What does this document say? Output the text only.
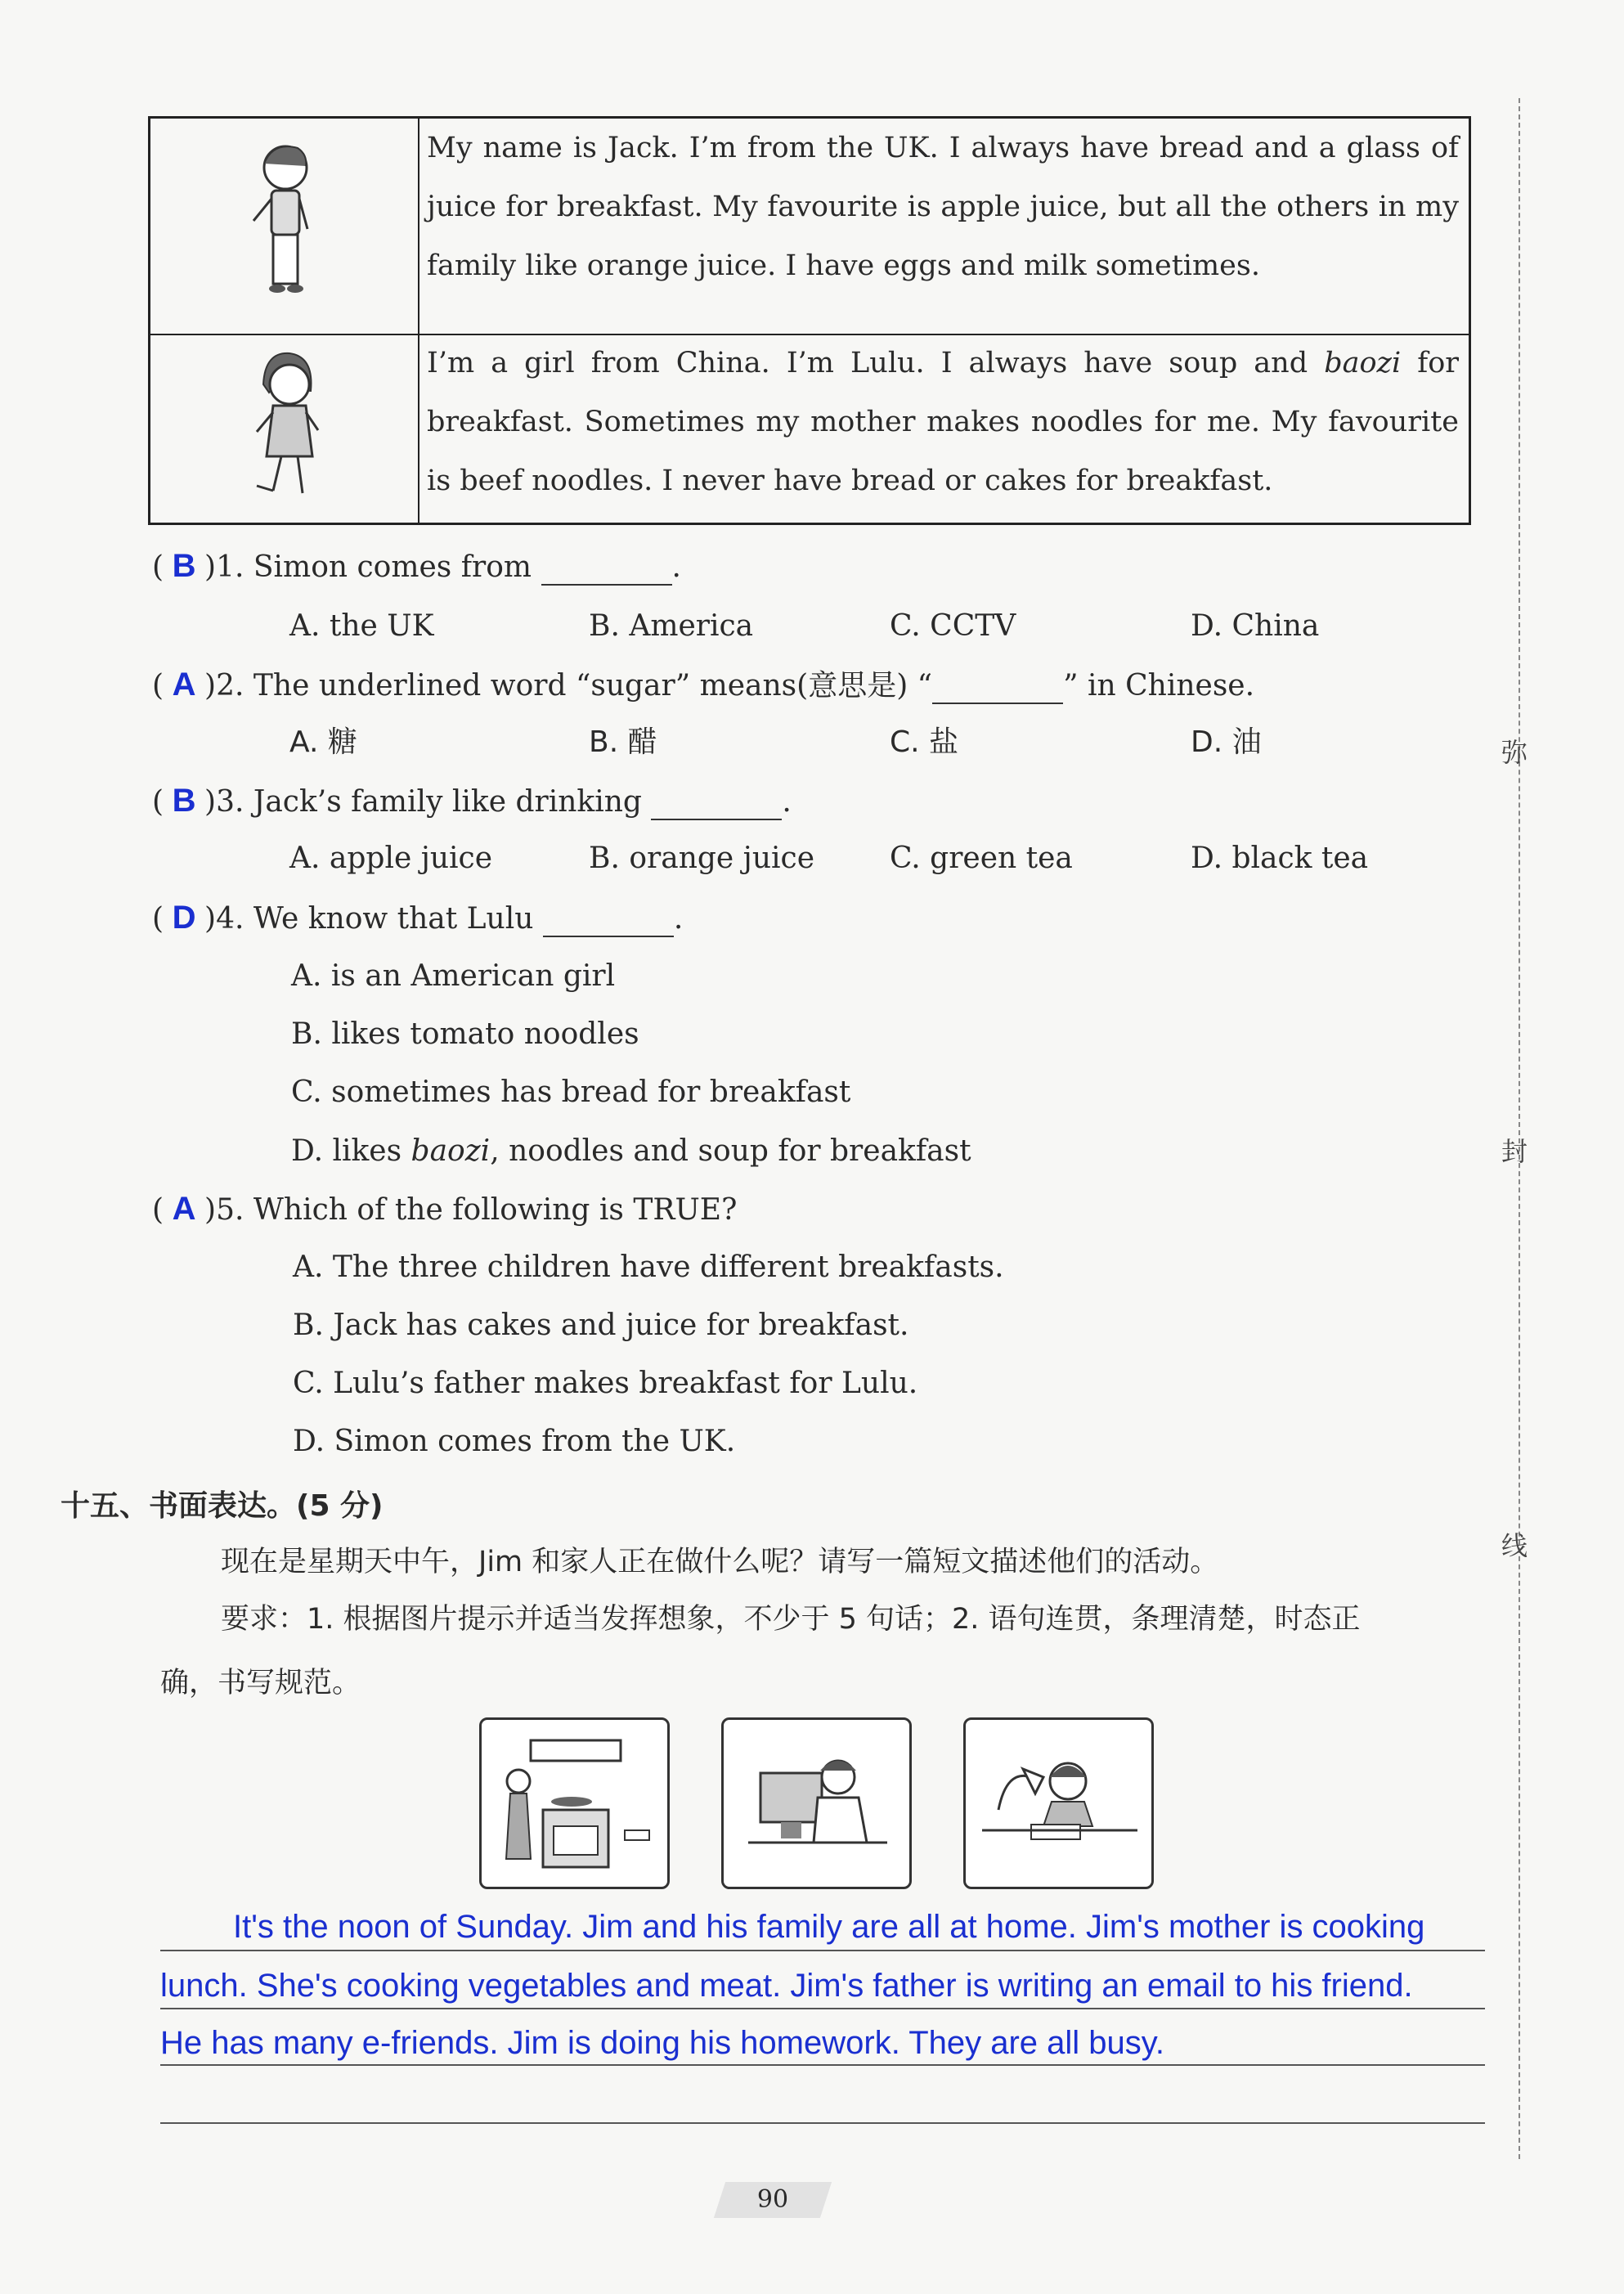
弥
封
线

My name is Jack. I’m from the UK. I always have bread and a glass of juice for breakfast. My favourite is apple juice, but all the others in my family like orange juice. I have eggs and milk sometimes.

I’m a girl from China. I’m Lulu. I always have soup and baozi for breakfast. Sometimes my mother makes noodles for me. My favourite is beef noodles. I never have bread or cakes for breakfast.

( B )1. Simon comes from	.
A. the UK	B. America	C. CCTV	D. China
( A )2. The underlined word “sugar” means(意思是) “	” in Chinese.
A. 糖	B. 醋	C. 盐	D. 油
( B )3. Jack’s family like drinking	.
A. apple juice	B. orange juice	C. green tea	D. black tea
( D )4. We know that Lulu	.
A. is an American girl
B. likes tomato noodles
C. sometimes has bread for breakfast
D. likes baozi, noodles and soup for breakfast
( A )5. Which of the following is TRUE?
A. The three children have different breakfasts.
B. Jack has cakes and juice for breakfast.
C. Lulu’s father makes breakfast for Lulu.
D. Simon comes from the UK.
十五、书面表达。(5 分)
现在是星期天中午，Jim 和家人正在做什么呢？请写一篇短文描述他们的活动。
要求：1. 根据图片提示并适当发挥想象，不少于 5 句话；2. 语句连贯，条理清楚，时态正
确，书写规范。
It's the noon of Sunday. Jim and his family are all at home. Jim's mother is cooking
lunch. She's cooking vegetables and meat. Jim's father is writing an email to his friend.
He has many e-friends. Jim is doing his homework. They are all busy.
90
